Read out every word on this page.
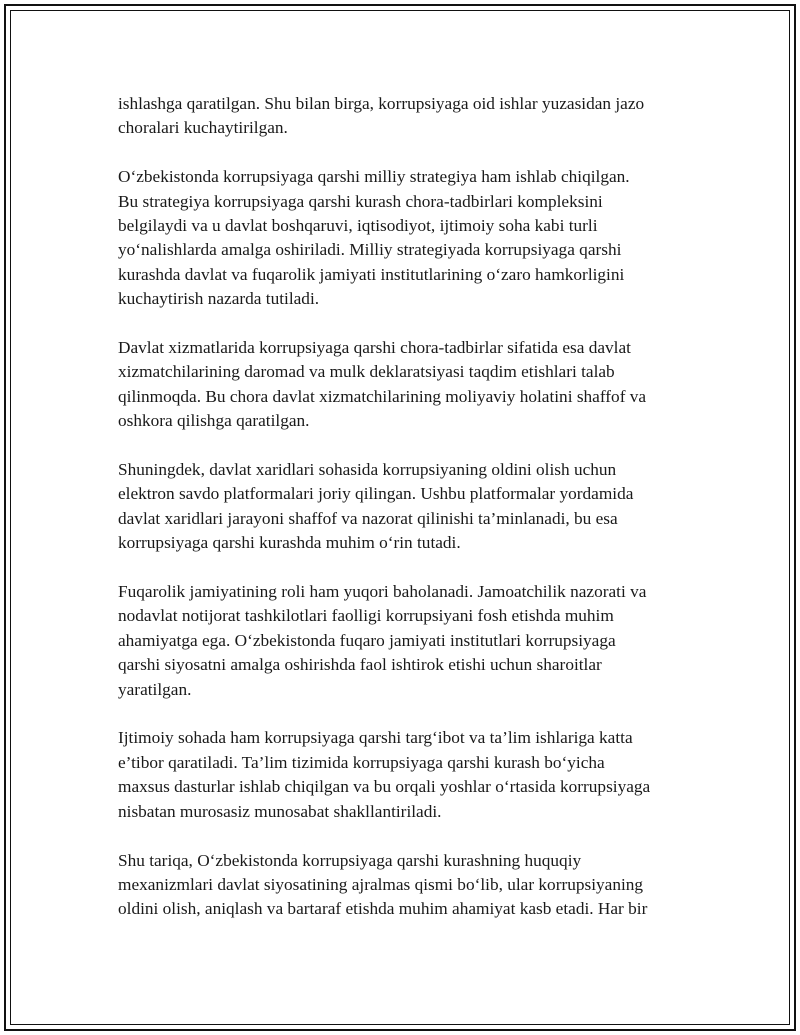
ishlashga qaratilgan. Shu bilan birga, korrupsiyaga oid ishlar yuzasidan jazo
choralari kuchaytirilgan.

O‘zbekistonda korrupsiyaga qarshi milliy strategiya ham ishlab chiqilgan.
Bu strategiya korrupsiyaga qarshi kurash chora-tadbirlari kompleksini
belgilaydi va u davlat boshqaruvi, iqtisodiyot, ijtimoiy soha kabi turli
yo‘nalishlarda amalga oshiriladi. Milliy strategiyada korrupsiyaga qarshi
kurashda davlat va fuqarolik jamiyati institutlarining o‘zaro hamkorligini
kuchaytirish nazarda tutiladi.

Davlat xizmatlarida korrupsiyaga qarshi chora-tadbirlar sifatida esa davlat
xizmatchilarining daromad va mulk deklaratsiyasi taqdim etishlari talab
qilinmoqda. Bu chora davlat xizmatchilarining moliyaviy holatini shaffof va
oshkora qilishga qaratilgan.

Shuningdek, davlat xaridlari sohasida korrupsiyaning oldini olish uchun
elektron savdo platformalari joriy qilingan. Ushbu platformalar yordamida
davlat xaridlari jarayoni shaffof va nazorat qilinishi ta’minlanadi, bu esa
korrupsiyaga qarshi kurashda muhim o‘rin tutadi.

Fuqarolik jamiyatining roli ham yuqori baholanadi. Jamoatchilik nazorati va
nodavlat notijorat tashkilotlari faolligi korrupsiyani fosh etishda muhim
ahamiyatga ega. O‘zbekistonda fuqaro jamiyati institutlari korrupsiyaga
qarshi siyosatni amalga oshirishda faol ishtirok etishi uchun sharoitlar
yaratilgan.

Ijtimoiy sohada ham korrupsiyaga qarshi targ‘ibot va ta’lim ishlariga katta
e’tibor qaratiladi. Ta’lim tizimida korrupsiyaga qarshi kurash bo‘yicha
maxsus dasturlar ishlab chiqilgan va bu orqali yoshlar o‘rtasida korrupsiyaga
nisbatan murosasiz munosabat shakllantiriladi.

Shu tariqa, O‘zbekistonda korrupsiyaga qarshi kurashning huquqiy
mexanizmlari davlat siyosatining ajralmas qismi bo‘lib, ular korrupsiyaning
oldini olish, aniqlash va bartaraf etishda muhim ahamiyat kasb etadi. Har bir
